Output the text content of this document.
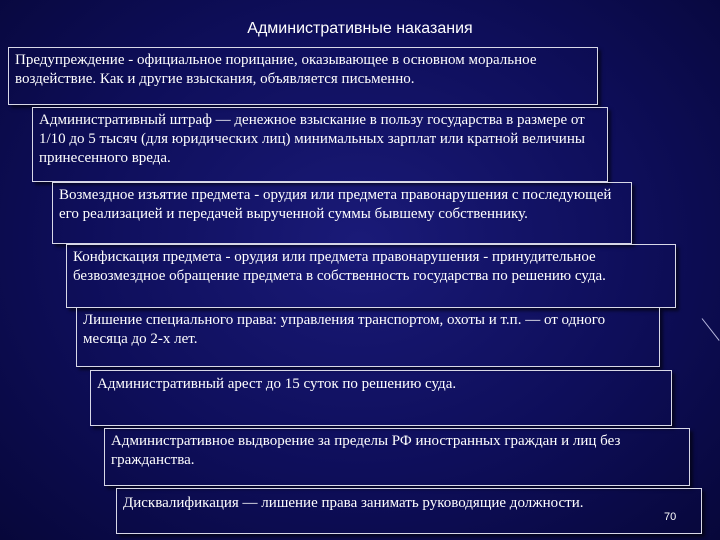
Административные наказания
Предупреждение - официальное порицание, оказывающее в основном моральное воздействие. Как и другие взыскания, объявляется письменно.
Административный штраф — денежное взыскание в пользу государства в размере от 1/10 до 5 тысяч (для юридических лиц) минимальных зарплат или кратной величины принесенного вреда.
Возмездное изъятие предмета - орудия или предмета правонарушения с последующей его реализацией и передачей вырученной суммы бывшему собственнику.
Конфискация предмета - орудия или предмета правонарушения - принудительное безвозмездное обращение предмета в собственность государства по решению суда.
Лишение специального права: управления транспортом, охоты и т.п. — от одного месяца до 2-х лет.
Административный арест до 15 суток по решению суда.
Административное выдворение за пределы РФ иностранных граждан и лиц без гражданства.
Дисквалификация — лишение права занимать руководящие должности.
70
